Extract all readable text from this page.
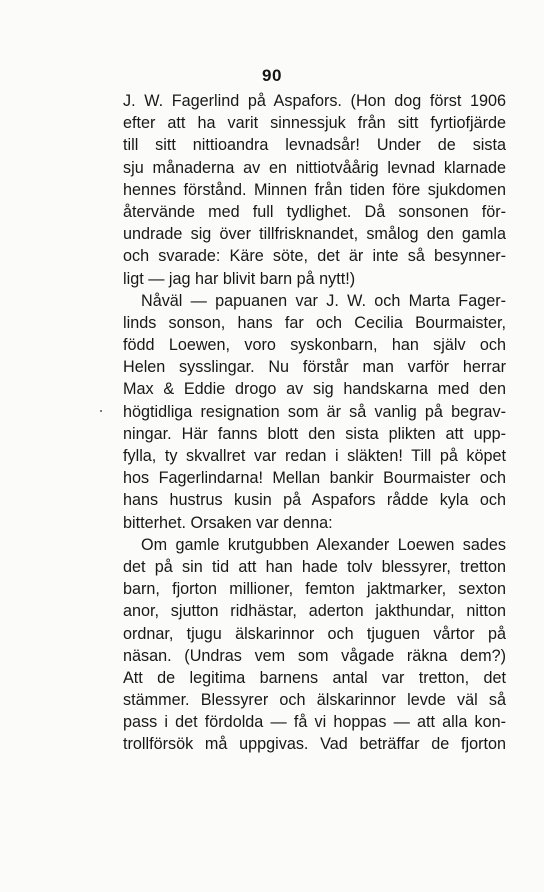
90
J. W. Fagerlind på Aspafors. (Hon dog först 1906
efter att ha varit sinnessjuk från sitt fyrtiofjärde
till sitt nittioandra levnadsår! Under de sista
sju månaderna av en nittiotvåårig levnad klarnade
hennes förstånd. Minnen från tiden före sjukdomen
återvände med full tydlighet. Då sonsonen för-
undrade sig över tillfrisknandet, smålog den gamla
och svarade: Käre söte, det är inte så besynner-
ligt — jag har blivit barn på nytt!)
Nåväl — papuanen var J. W. och Marta Fager-
linds sonson, hans far och Cecilia Bourmaister,
född Loewen, voro syskonbarn, han själv och
Helen sysslingar. Nu förstår man varför herrar
Max & Eddie drogo av sig handskarna med den
högtidliga resignation som är så vanlig på begrav-
ningar. Här fanns blott den sista plikten att upp-
fylla, ty skvallret var redan i släkten! Till på köpet
hos Fagerlindarna! Mellan bankir Bourmaister och
hans hustrus kusin på Aspafors rådde kyla och
bitterhet. Orsaken var denna:
Om gamle krutgubben Alexander Loewen sades
det på sin tid att han hade tolv blessyrer, tretton
barn, fjorton millioner, femton jaktmarker, sexton
anor, sjutton ridhästar, aderton jakthundar, nitton
ordnar, tjugu älskarinnor och tjuguen vårtor på
näsan. (Undras vem som vågade räkna dem?)
Att de legitima barnens antal var tretton, det
stämmer. Blessyrer och älskarinnor levde väl så
pass i det fördolda — få vi hoppas — att alla kon-
trollförsök må uppgivas. Vad beträffar de fjorton
